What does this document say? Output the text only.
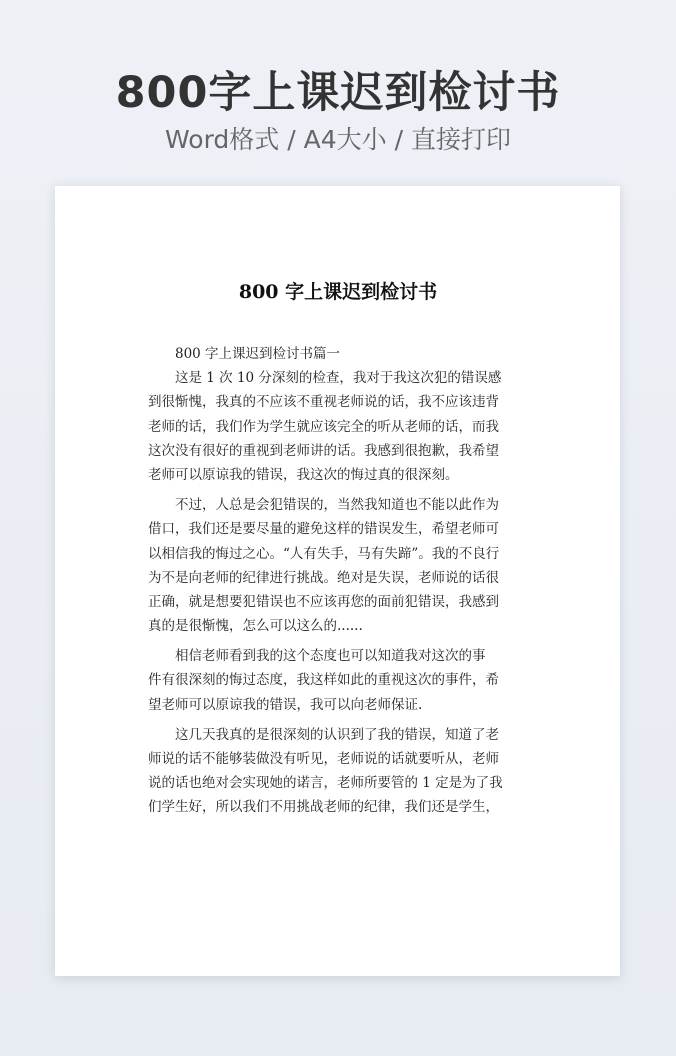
800字上课迟到检讨书
Word格式 / A4大小 / 直接打印
800 字上课迟到检讨书
800 字上课迟到检讨书篇一
这是 1 次 10 分深刻的检查，我对于我这次犯的错误感
到很惭愧，我真的不应该不重视老师说的话，我不应该违背
老师的话，我们作为学生就应该完全的听从老师的话，而我
这次没有很好的重视到老师讲的话。我感到很抱歉，我希望
老师可以原谅我的错误，我这次的悔过真的很深刻。
不过，人总是会犯错误的，当然我知道也不能以此作为
借口，我们还是要尽量的避免这样的错误发生，希望老师可
以相信我的悔过之心。“人有失手，马有失蹄”。我的不良行
为不是向老师的纪律进行挑战。绝对是失误，老师说的话很
正确，就是想要犯错误也不应该再您的面前犯错误，我感到
真的是很惭愧，怎么可以这么的......
相信老师看到我的这个态度也可以知道我对这次的事
件有很深刻的悔过态度，我这样如此的重视这次的事件，希
望老师可以原谅我的错误，我可以向老师保证.
这几天我真的是很深刻的认识到了我的错误，知道了老
师说的话不能够装做没有听见，老师说的话就要听从，老师
说的话也绝对会实现她的诺言，老师所要管的 1 定是为了我
们学生好，所以我们不用挑战老师的纪律，我们还是学生，
